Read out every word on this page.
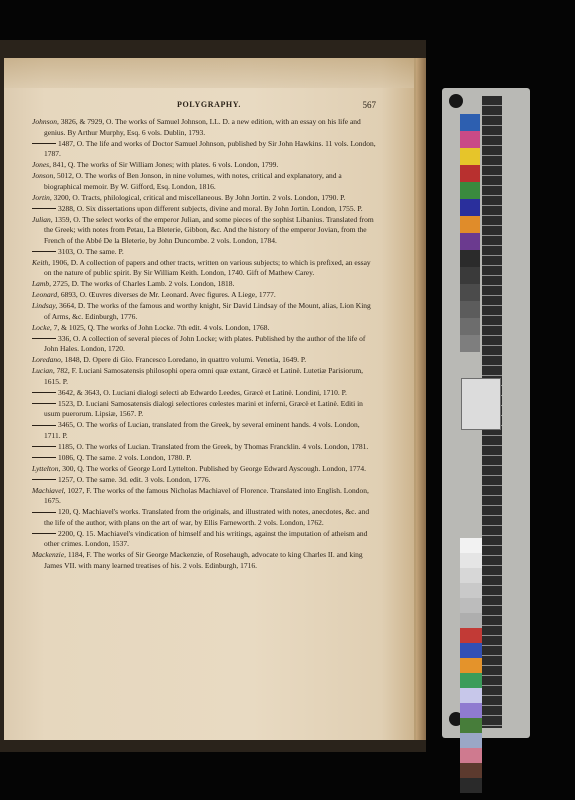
POLYGRAPHY.	567
Johnson, 3826, & 7929, O. The works of Samuel Johnson, LL. D. a new edition, with an essay on his life and genius. By Arthur Murphy, Esq. 6 vols. Dublin, 1793.
1487, O. The life and works of Doctor Samuel Johnson, published by Sir John Hawkins. 11 vols. London, 1787.
Jones, 841, Q. The works of Sir William Jones; with plates. 6 vols. London, 1799.
Jonson, 5012, O. The works of Ben Jonson, in nine volumes, with notes, critical and explanatory, and a biographical memoir. By W. Gifford, Esq. London, 1816.
Jortin, 3200, O. Tracts, philological, critical and miscellaneous. By John Jortin. 2 vols. London, 1790. P.
3288, O. Six dissertations upon different subjects, divine and moral. By John Jortin. London, 1755. P.
Julian, 1359, O. The select works of the emperor Julian, and some pieces of the sophist Libanius. Translated from the Greek; with notes from Petau, La Bleterie, Gibbon, &c. And the history of the emperor Jovian, from the French of the Abbé De la Bleterie, by John Duncombe. 2 vols. London, 1784.
3103, O. The same. P.
Keith, 1906, D. A collection of papers and other tracts, written on various subjects; to which is prefixed, an essay on the nature of public spirit. By Sir William Keith. London, 1740. Gift of Mathew Carey.
Lamb, 2725, D. The works of Charles Lamb. 2 vols. London, 1818.
Leonard, 6893, O. Œuvres diverses de Mr. Leonard. Avec figures. A Liege, 1777.
Lindsay, 3664, D. The works of the famous and worthy knight, Sir David Lindsay of the Mount, alias, Lion King of Arms, &c. Edinburgh, 1776.
Locke, 7, & 1025, Q. The works of John Locke. 7th edit. 4 vols. London, 1768.
336, O. A collection of several pieces of John Locke; with plates. Published by the author of the life of John Hales. London, 1720.
Loredano, 1848, D. Opere di Gio. Francesco Loredano, in quattro volumi. Venetia, 1649. P.
Lucian, 782, F. Luciani Samosatensis philosophi opera omni quæ extant, Græcè et Latinè. Lutetiæ Parisiorum, 1615. P.
3642, & 3643, O. Luciani dialogi selecti ab Edwardo Leedes, Græcè et Latinè. Londini, 1710. P.
1523, D. Luciani Samosatensis dialogi selectiores cœlestes marini et inferni, Græcè et Latinè. Editi in usum puerorum. Lipsiæ, 1567. P.
3465, O. The works of Lucian, translated from the Greek, by several eminent hands. 4 vols. London, 1711. P.
1185, O. The works of Lucian. Translated from the Greek, by Thomas Francklin. 4 vols. London, 1781.
1086, Q. The same. 2 vols. London, 1780. P.
Lyttelton, 300, Q. The works of George Lord Lyttelton. Published by George Edward Ayscough. London, 1774.
1257, O. The same. 3d. edit. 3 vols. London, 1776.
Machiavel, 1027, F. The works of the famous Nicholas Machiavel of Florence. Translated into English. London, 1675.
120, Q. Machiavel's works. Translated from the originals, and illustrated with notes, anecdotes, &c. and the life of the author, with plans on the art of war, by Ellis Farneworth. 2 vols. London, 1762.
2200, Q. 15. Machiavel's vindication of himself and his writings, against the imputation of atheism and other crimes. London, 1537.
Mackenzie, 1184, F. The works of Sir George Mackenzie, of Rosehaugh, advocate to king Charles II. and king James VII. with many learned treatises of his. 2 vols. Edinburgh, 1716.
